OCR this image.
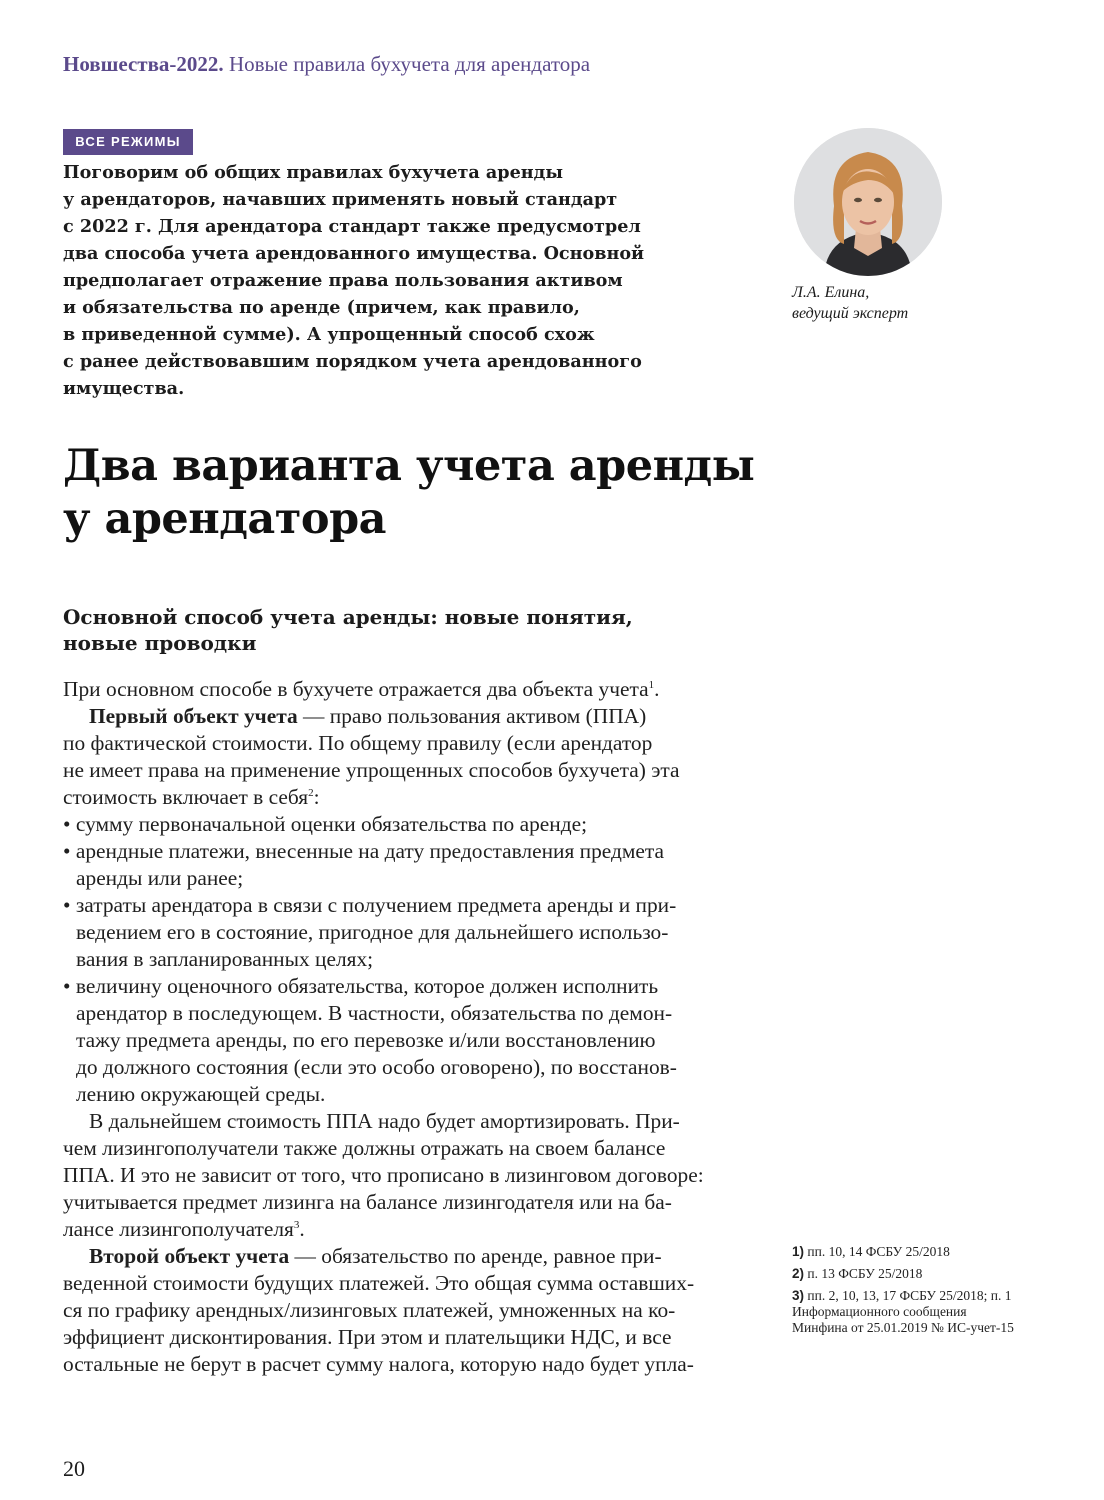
Новшества-2022. Новые правила бухучета для арендатора
ВСЕ РЕЖИМЫ

Поговорим об общих правилах бухучета аренды
у арендаторов, начавших применять новый стандарт
с 2022 г. Для арендатора стандарт также предусмотрел
два способа учета арендованного имущества. Основной
предполагает отражение права пользования активом
и обязательства по аренде (причем, как правило,
в приведенной сумме). А упрощенный способ схож
с ранее действовавшим порядком учета арендованного
имущества.

Л.А. Елина,
ведущий эксперт
Два варианта учета аренды
у арендатора
Основной способ учета аренды: новые понятия,
новые проводки
При основном способе в бухучете отражается два объекта учета$^1$.
Первый объект учета — право пользования активом (ППА)
по фактической стоимости. По общему правилу (если арендатор
не имеет права на применение упрощенных способов бухучета) эта
стоимость включает в себя$^2$:
• сумму первоначальной оценки обязательства по аренде;
• арендные платежи, внесенные на дату предоставления предмета
аренды или ранее;
• затраты арендатора в связи с получением предмета аренды и при-
ведением его в состояние, пригодное для дальнейшего использо-
вания в запланированных целях;
• величину оценочного обязательства, которое должен исполнить
арендатор в последующем. В частности, обязательства по демон-
тажу предмета аренды, по его перевозке и/или восстановлению
до должного состояния (если это особо оговорено), по восстанов-
лению окружающей среды.
В дальнейшем стоимость ППА надо будет амортизировать. При-
чем лизингополучатели также должны отражать на своем балансе
ППА. И это не зависит от того, что прописано в лизинговом договоре:
учитывается предмет лизинга на балансе лизингодателя или на ба-
лансе лизингополучателя$^3$.
Второй объект учета — обязательство по аренде, равное при-
веденной стоимости будущих платежей. Это общая сумма оставших-
ся по графику арендных/лизинговых платежей, умноженных на ко-
эффициент дисконтирования. При этом и плательщики НДС, и все
остальные не берут в расчет сумму налога, которую надо будет упла-
1) пп. 10, 14 ФСБУ 25/2018
2) п. 13 ФСБУ 25/2018
3) пп. 2, 10, 13, 17 ФСБУ 25/2018; п. 1 Информационного сообщения Минфина от 25.01.2019 № ИС-учет-15
20
